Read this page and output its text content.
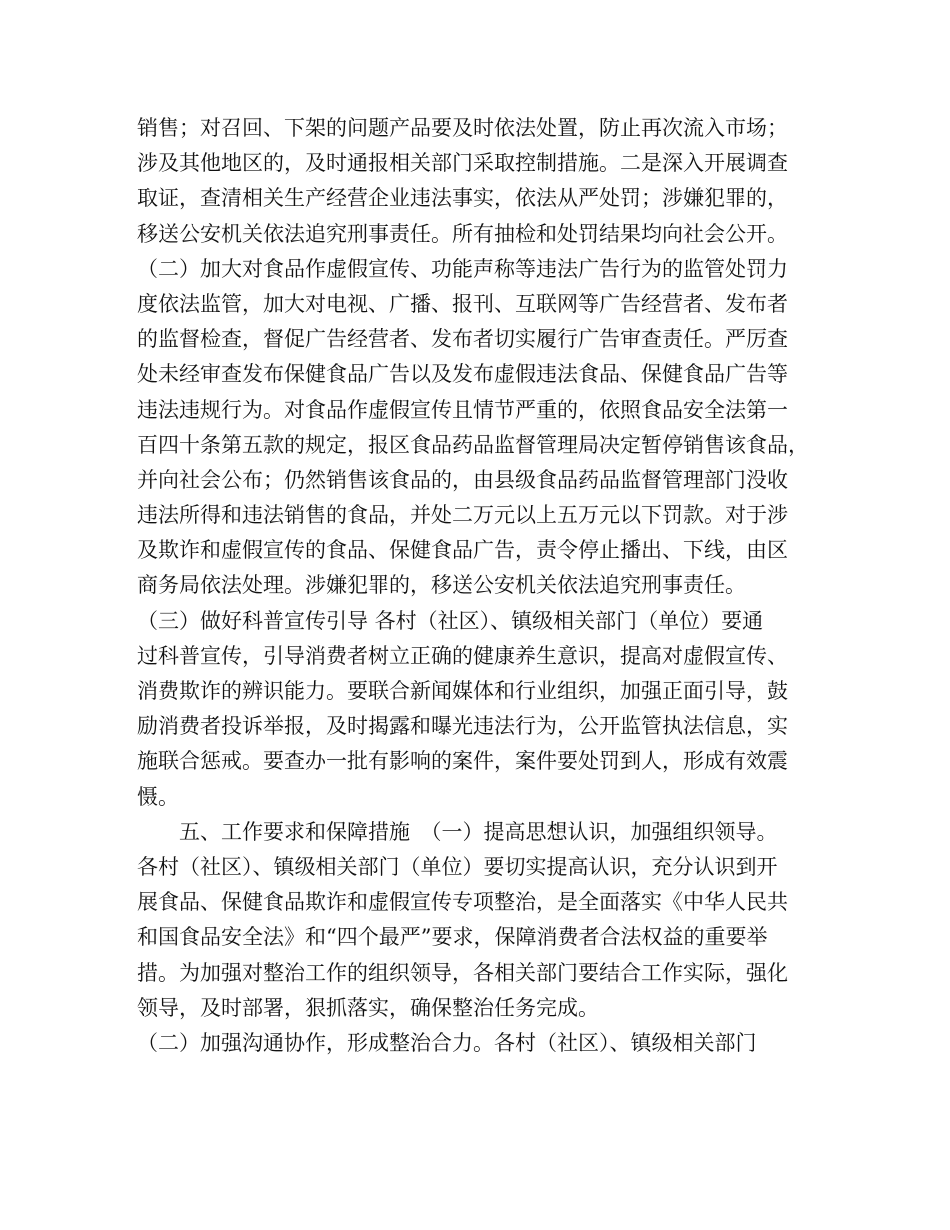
销售；对召回、下架的问题产品要及时依法处置，防止再次流入市场；
涉及其他地区的，及时通报相关部门采取控制措施。二是深入开展调查
取证，查清相关生产经营企业违法事实，依法从严处罚；涉嫌犯罪的，
移送公安机关依法追究刑事责任。所有抽检和处罚结果均向社会公开。
（二）加大对食品作虚假宣传、功能声称等违法广告行为的监管处罚力
度依法监管，加大对电视、广播、报刊、互联网等广告经营者、发布者
的监督检查，督促广告经营者、发布者切实履行广告审查责任。严厉查
处未经审查发布保健食品广告以及发布虚假违法食品、保健食品广告等
违法违规行为。对食品作虚假宣传且情节严重的，依照食品安全法第一
百四十条第五款的规定，报区食品药品监督管理局决定暂停销售该食品，
并向社会公布；仍然销售该食品的，由县级食品药品监督管理部门没收
违法所得和违法销售的食品，并处二万元以上五万元以下罚款。对于涉
及欺诈和虚假宣传的食品、保健食品广告，责令停止播出、下线，由区
商务局依法处理。涉嫌犯罪的，移送公安机关依法追究刑事责任。
（三）做好科普宣传引导 各村（社区）、镇级相关部门（单位）要通
过科普宣传，引导消费者树立正确的健康养生意识，提高对虚假宣传、
消费欺诈的辨识能力。要联合新闻媒体和行业组织，加强正面引导，鼓
励消费者投诉举报，及时揭露和曝光违法行为，公开监管执法信息，实
施联合惩戒。要查办一批有影响的案件，案件要处罚到人，形成有效震
慑。
　　五、工作要求和保障措施　（一）提高思想认识，加强组织领导。
各村（社区）、镇级相关部门（单位）要切实提高认识，充分认识到开
展食品、保健食品欺诈和虚假宣传专项整治，是全面落实《中华人民共
和国食品安全法》和“四个最严”要求，保障消费者合法权益的重要举
措。为加强对整治工作的组织领导，各相关部门要结合工作实际，强化
领导，及时部署，狠抓落实，确保整治任务完成。
（二）加强沟通协作，形成整治合力。各村（社区）、镇级相关部门
